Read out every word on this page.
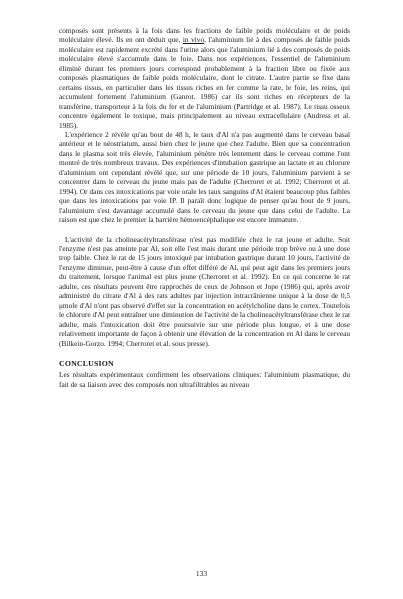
composés sont présents à la fois dans les fractions de faible poids moléculaire et de poids moléculaire élevé. Ils en ont déduit que, in vivo, l'aluminium lié à des composés de faible poids moléculaire est rapidement excrété dans l'urine alors que l'aluminium lié à des composés de poids moléculaire élevé s'accumule dans le foie. Dans nos expériences, l'essentiel de l'aluminium éliminé durant les premiers jours correspond probablement à la fraction libre ou fixée aux composés plasmatiques de faible poids moléculaire, dont le citrate. L'autre partie se fixe dans certains tissus, en particulier dans les tissus riches en fer comme la rate, le foie, les reins, qui accumulent fortement l'aluminium (Ganrot. 1986) car ils sont riches en récepteurs de la transférine, transporteur à la fois du fer et de l'aluminium (Partridge et al. 1987). Le tissu osseux concentre également le toxique, mais principalement au niveau extracellulaire (Andress et al. 1985).

L'expérience 2 révèle qu'au bout de 48 h, le taux d'Al n'a pas augmenté dans le cerveau basal antérieur et le néostriatum, aussi bien chez le jeune que chez l'adulte. Bien que sa concentration dans le plasma soit très élevée, l'aluminium pénètre très lentement dans le cerveau comme l'ont montré de très nombreux travaux. Des expériences d'intubation gastrique au lactate et au chlorure d'aluminium ont cependant révélé que, sur une période de 10 jours, l'aluminium parvient à se concentrer dans le cerveau du jeune mais pas de l'adulte (Cherroret et al. 1992; Cherroret et al. 1994). Or dans ces intoxications par voie orale les taux sanguins d'Al étaient beaucoup plus faibles que dans les intoxications par voie IP. Il paraît donc logique de penser qu'au bout de 9 jours, l'aluminium s'est davantage accumulé dans le cerveau du jeune que dans celui de l'adulte. La raison est que chez le premier la barrière hémoencéphalique est encore immature.

L'activité de la cholineacétyltransférase n'est pas modifiée chez le rat jeune et adulte. Soit l'enzyme n'est pas atteinte par Al, soit elle l'est mais durant une période trop brève ou à une dose trop faible. Chez le rat de 15 jours intoxiqué par intubation gastrique durant 10 jours, l'activité de l'enzyme diminue, peut-être à cause d'un effet différé de Al, qui peut agir dans les premiers jours du traitement, lorsque l'animal est plus jeune (Cherroret et al. 1992). En ce qui concerne le rat adulte, ces résultats peuvent être rapprochés de ceux de Johnson et Jope (1986) qui, après avoir administré du citrate d'Al à des rats adultes par injection intracrânienne unique à la dose de 0,5 μmole d'Al n'ont pas observé d'effet sur la concentration en acétylcholine dans le cortex. Toutefois le chlorure d'Al peut entraîner une diminution de l'activité de la cholineacétyltransférase chez le rat adulte, mais l'intoxication doit être poursuivie sur une période plus longue, et à une dose relativement importante de façon à obtenir une élévation de la concentration en Al dans le cerveau (Bilkein-Gorzo. 1994; Cherroret et al. sous presse).

CONCLUSION

Les résultats expérimentaux confirment les observations cliniques: l'aluminium plasmatique, du fait de sa liaison avec des composés non ultrafiltrables au niveau

133
